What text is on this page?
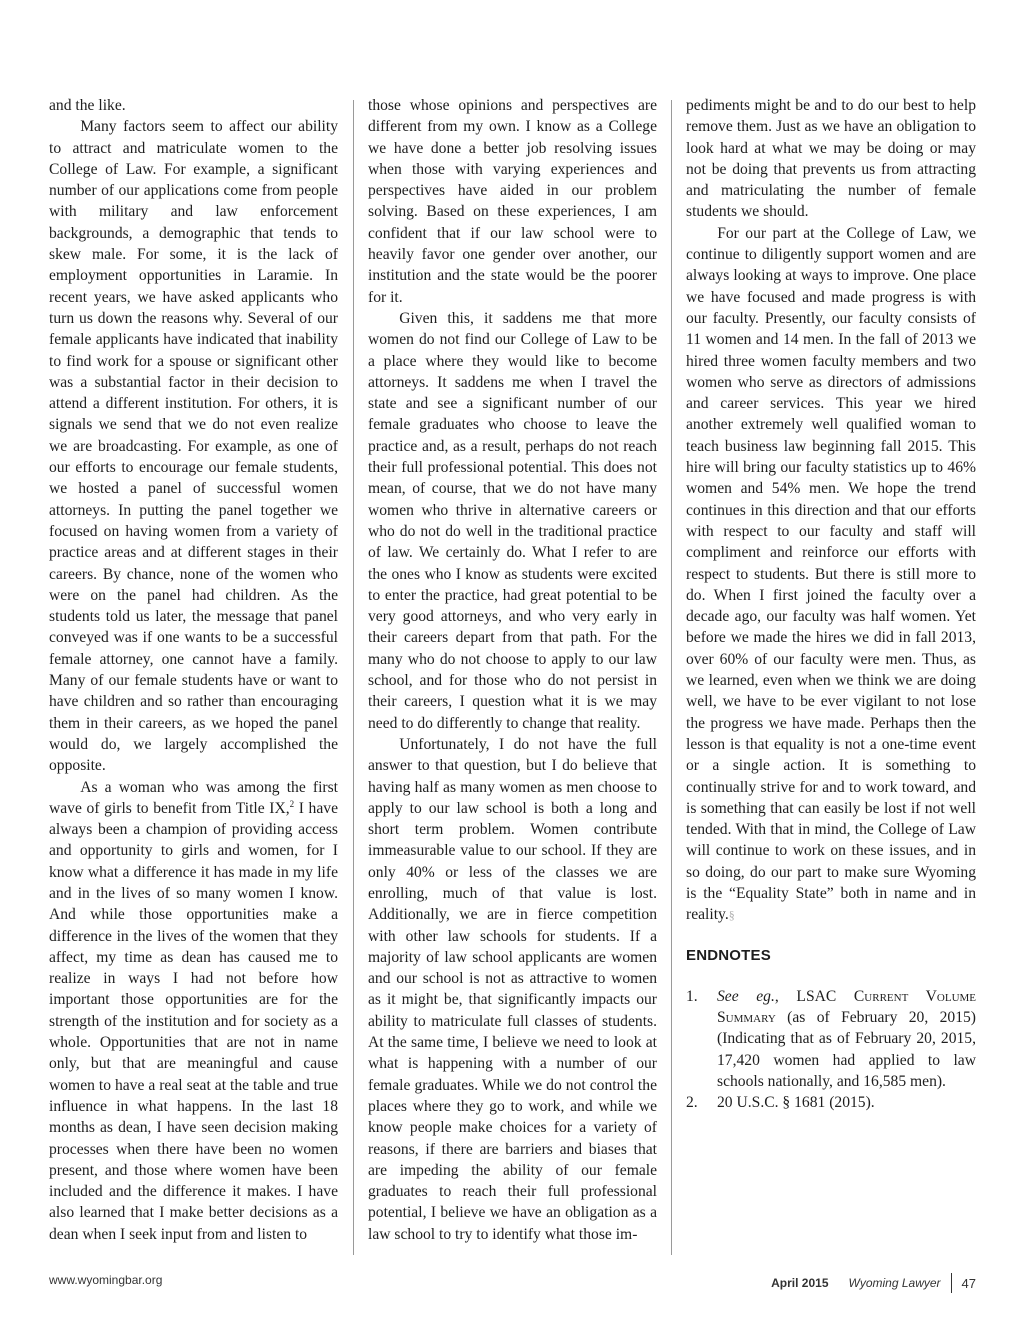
and the like.

Many factors seem to affect our ability to attract and matriculate women to the College of Law. For example, a significant number of our applications come from people with military and law enforcement backgrounds, a demographic that tends to skew male. For some, it is the lack of employment opportunities in Laramie. In recent years, we have asked applicants who turn us down the reasons why. Several of our female applicants have indicated that inability to find work for a spouse or significant other was a substantial factor in their decision to attend a different institution. For others, it is signals we send that we do not even realize we are broadcasting. For example, as one of our efforts to encourage our female students, we hosted a panel of successful women attorneys. In putting the panel together we focused on having women from a variety of practice areas and at different stages in their careers. By chance, none of the women who were on the panel had children. As the students told us later, the message that panel conveyed was if one wants to be a successful female attorney, one cannot have a family. Many of our female students have or want to have children and so rather than encouraging them in their careers, as we hoped the panel would do, we largely accomplished the opposite.

As a woman who was among the first wave of girls to benefit from Title IX,$^2$ I have always been a champion of providing access and opportunity to girls and women, for I know what a difference it has made in my life and in the lives of so many women I know. And while those opportunities make a difference in the lives of the women that they affect, my time as dean has caused me to realize in ways I had not before how important those opportunities are for the strength of the institution and for society as a whole. Opportunities that are not in name only, but that are meaningful and cause women to have a real seat at the table and true influence in what happens. In the last 18 months as dean, I have seen decision making processes when there have been no women present, and those where women have been included and the difference it makes. I have also learned that I make better decisions as a dean when I seek input from and listen to

those whose opinions and perspectives are different from my own. I know as a College we have done a better job resolving issues when those with varying experiences and perspectives have aided in our problem solving. Based on these experiences, I am confident that if our law school were to heavily favor one gender over another, our institution and the state would be the poorer for it.

Given this, it saddens me that more women do not find our College of Law to be a place where they would like to become attorneys. It saddens me when I travel the state and see a significant number of our female graduates who choose to leave the practice and, as a result, perhaps do not reach their full professional potential. This does not mean, of course, that we do not have many women who thrive in alternative careers or who do not do well in the traditional practice of law. We certainly do. What I refer to are the ones who I know as students were excited to enter the practice, had great potential to be very good attorneys, and who very early in their careers depart from that path. For the many who do not choose to apply to our law school, and for those who do not persist in their careers, I question what it is we may need to do differently to change that reality.

Unfortunately, I do not have the full answer to that question, but I do believe that having half as many women as men choose to apply to our law school is both a long and short term problem. Women contribute immeasurable value to our school. If they are only 40% or less of the classes we are enrolling, much of that value is lost. Additionally, we are in fierce competition with other law schools for students. If a majority of law school applicants are women and our school is not as attractive to women as it might be, that significantly impacts our ability to matriculate full classes of students. At the same time, I believe we need to look at what is happening with a number of our female graduates. While we do not control the places where they go to work, and while we know people make choices for a variety of reasons, if there are barriers and biases that are impeding the ability of our female graduates to reach their full professional potential, I believe we have an obligation as a law school to try to identify what those im-

pediments might be and to do our best to help remove them. Just as we have an obligation to look hard at what we may be doing or may not be doing that prevents us from attracting and matriculating the number of female students we should.

For our part at the College of Law, we continue to diligently support women and are always looking at ways to improve. One place we have focused and made progress is with our faculty. Presently, our faculty consists of 11 women and 14 men. In the fall of 2013 we hired three women faculty members and two women who serve as directors of admissions and career services. This year we hired another extremely well qualified woman to teach business law beginning fall 2015. This hire will bring our faculty statistics up to 46% women and 54% men. We hope the trend continues in this direction and that our efforts with respect to our faculty and staff will compliment and reinforce our efforts with respect to students. But there is still more to do. When I first joined the faculty over a decade ago, our faculty was half women. Yet before we made the hires we did in fall 2013, over 60% of our faculty were men. Thus, as we learned, even when we think we are doing well, we have to be ever vigilant to not lose the progress we have made. Perhaps then the lesson is that equality is not a one-time event or a single action. It is something to continually strive for and to work toward, and is something that can easily be lost if not well tended. With that in mind, the College of Law will continue to work on these issues, and in so doing, do our part to make sure Wyoming is the “Equality State” both in name and in reality.§

ENDNOTES
1.	See eg., LSAC Current Volume Summary (as of February 20, 2015) (Indicating that as of February 20, 2015, 17,420 women had applied to law schools nationally, and 16,585 men).
2.	20 U.S.C. § 1681 (2015).
www.wyomingbar.org	April 2015 Wyoming Lawyer 47
